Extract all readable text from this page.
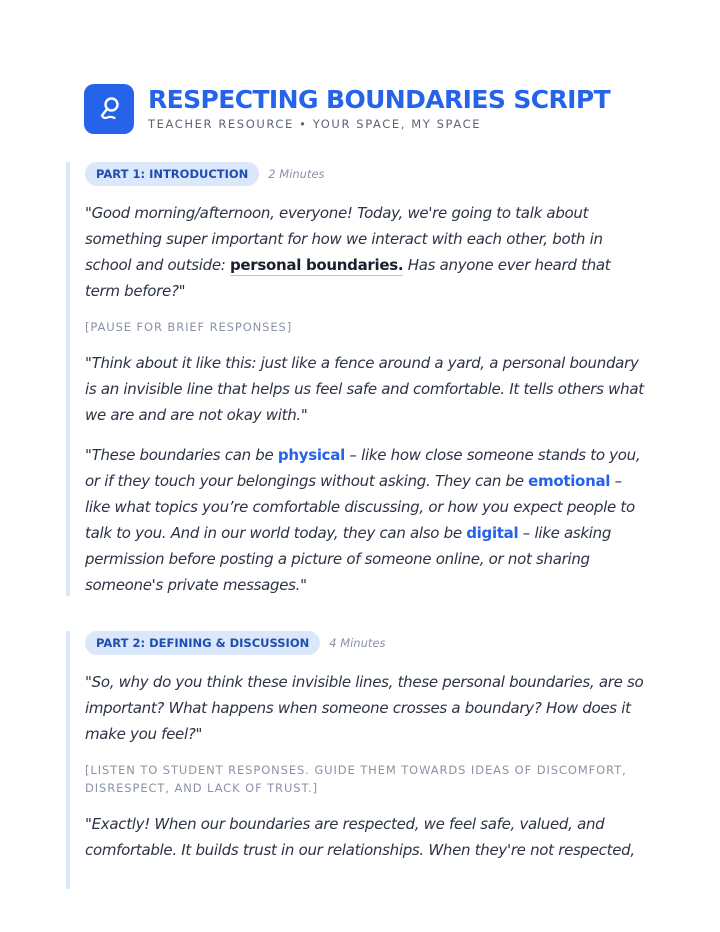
RESPECTING BOUNDARIES SCRIPT
TEACHER RESOURCE • YOUR SPACE, MY SPACE
PART 1: INTRODUCTION	2 Minutes

"Good morning/afternoon, everyone! Today, we're going to talk about something super important for how we interact with each other, both in school and outside: personal boundaries. Has anyone ever heard that term before?"

[PAUSE FOR BRIEF RESPONSES]

"Think about it like this: just like a fence around a yard, a personal boundary is an invisible line that helps us feel safe and comfortable. It tells others what we are and are not okay with."

"These boundaries can be physical – like how close someone stands to you, or if they touch your belongings without asking. They can be emotional – like what topics you’re comfortable discussing, or how you expect people to talk to you. And in our world today, they can also be digital – like asking permission before posting a picture of someone online, or not sharing someone's private messages."

PART 2: DEFINING & DISCUSSION	4 Minutes

"So, why do you think these invisible lines, these personal boundaries, are so important? What happens when someone crosses a boundary? How does it make you feel?"

[LISTEN TO STUDENT RESPONSES. GUIDE THEM TOWARDS IDEAS OF DISCOMFORT, DISRESPECT, AND LACK OF TRUST.]

"Exactly! When our boundaries are respected, we feel safe, valued, and comfortable. It builds trust in our relationships. When they're not respected,
